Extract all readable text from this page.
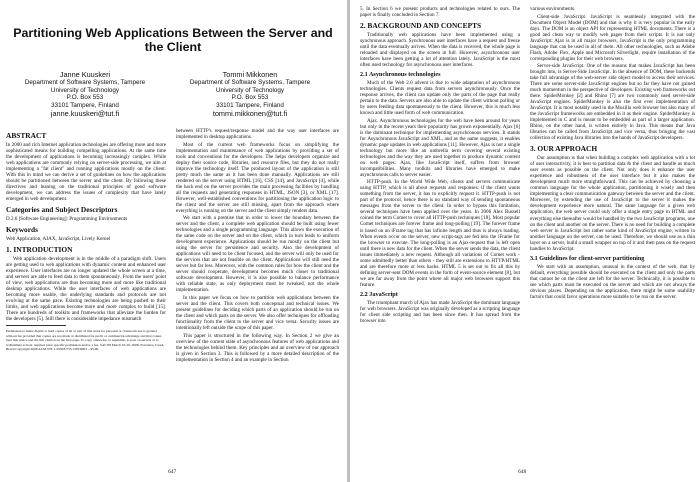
Partitioning Web Applications Between the Server and the Client
Janne Kuuskeri
Department of Software Systems, Tampere
University of Technology
P.O. Box 553
33101 Tampere, Finland
janne.kuuskeri@tut.fi
Tommi Mikkonen
Department of Software Systems, Tampere
University of Technology
P.O. Box 553
33101 Tampere, Finland
tommi.mikkonen@tut.fi
ABSTRACT

In 2000 and rich Internet application technologies are offering more and more sophisticated means for building compelling applications. At the same time the development of applications is becoming increasingly complex. While web applications are commonly relying on server-side processing, we aim at implementing a "fat client" and running applications mostly on the client. With this in mind we can derive a set of guidelines on how the applications should be partitioned between the server and the client. By following these directives and leaning on the traditional principles of good software development, we can address the issues of complexity that have lately emerged in web development.

Categories and Subject Descriptors

D.2.6 [Software Engineering]: Programming Environments

Keywords

Web Application, AJAX, JavaScript, Lively Kernel

1. INTRODUCTION

Web application development is in the middle of a paradigm shift. Users are getting used to web applications with dynamic content and enhanced user experience. User interfaces are no longer updated the whole screen at a time, and servers are able to feed data to them spontaneously. From the users' point of view, web applications are thus becoming more and more like traditional desktop applications. While the user interfaces of web applications are becoming more usable, the underlying standards and protocols are not evolving at the same pace. Existing technologies are being pushed to their limits, and web applications become more and more complex to build [15]. There are hundreds of toolkits and frameworks that alleviate the burden for the developers [5]. Still there is considerable impedance mismatch

Permission to make digital or hard copies of all or part of this work for personal or classroom use is granted without fee provided that copies are not made or distributed for profit or commercial advantage and that copies bear this notice and the full citation on the first page. To copy otherwise, to republish, to post on servers or to redistribute to lists, requires prior specific permission and/or a fee. SAC'08 March 16-20, 2008, Fortaleza, Ceará, Brazil Copyright 2008 ACM 978-1-59593-753-7/08/0003 ...$5.00.

between HTTP's request/response model and the way user interfaces are implemented in desktop applications.

Most of the current web frameworks focus on simplifying the implementation and maintenance of web applications by providing a set of tools and conventions for the developers. The helps developers organize and deploy their source code, libraries, and resource files, but they do not really improve the technology itself. The produced layout of the application is still pretty much the same as it has been done manually. Applications are still rendered on the server using HTML [16], CSS [14], and JavaScript [4], while the back end on the server provides the main processing facilities by handling all the requests and generating responses in HTML, JSON [3], or XML [17]. However, well-established conventions for partitioning the application logic to the client and the server are still missing, apart from the approach where everything is running on the server and the client simply renders data.

We start with a premise that in order to lower the boundary between the server and the client, a complete web application should be built using fewer technologies and a single programming language. This allows the execution of the same code on the server and on the client, which in turn leads to uniform development experience. Applications should be run mostly on the client but using the server for persistence and security. Also the development of applications will need to be client focused, and the server will only be used for the services that are not feasible on the client. Applications will still need the server but far less. Moreover, with the common rules for how the client and the server should cooperate, development becomes much closer to traditional software development. However, it is also possible to balance performance with reliable state, as only deployment must be tweaked, not the whole implementation.

In this paper we focus on how to partition web applications between the server and the client. This covers both conceptual and technical issues. We present guidelines for deciding which parts of an application should be run on the client and which parts on the server. We also offer techniques for offloading functionality from the client to the server and vice versa. Security issues are intentionally left outside the scope of this paper.

This paper is structured in the following way. In Section 2 we give an overview of the current state of asynchronous features of web applications and the technologies behind them. Key principles and an overview of our approach is given in Section 3. This is followed by a more detailed description of the implementation in Section 4 and an example in Section

647

5. In Section 6 we present products and technologies related to ours. The paper is finally concluded in Section 7.

2. BACKGROUND AND CONCEPTS

Traditionally web applications have been implemented using a synchronous approach. Synchronous user interfaces have a request and freeze until the data eventually arrives. When the data is received, the whole page is reloaded and displayed on the screen in full. However, asynchronous user interfaces have been getting a lot of attention lately. JavaScript is the most often used technology for asynchronous user interfaces.

2.1 Asynchronous technologies

Much of the Web 2.0 advent is due to wide adaptation of asynchronous technologies. Clients request data from servers asynchronously. Once the response arrives, the client can update only the parts of the page that really pertain to the data. Servers are also able to update the client without polling or by users feeding data spontaneously to the client. However, this is much less known and little used form of web communication.

Ajax. Asynchronous technologies for the web have been around for years but only in the recent years their popularity has grown exponentially. Ajax [6] is the dominant technique for implementing asynchronous services. It stands for Asynchronous JavaScript and XML, and as the name suggests, it enables dynamic page updates in web applications [11]. However, Ajax is not a single technology but more like an umbrella term covering several existing technologies and the way they are used together to produce dynamic content on web pages. Ajax, like JavaScript itself, suffers from browser incompatibilities. Many toolkits and libraries have emerged to make asynchronous calls to server easier.

HTTP-push. In the World Wide Web, clients and servers communicate using HTTP, which is all about requests and responses: if the client wants something from the server, it has to explicitly request it. HTTP-push is not part of the protocol, hence there is no standard way of sending spontaneous messages from the server to the client. In order to bypass this limitation, several techniques have been applied over the years. In 2006 Alex Russell coined the term Comet to cover all HTTP-push techniques [18]. Most popular Comet techniques are forever frame and long-polling [19]. The forever frame is based on an iFrame tag that has infinite length and thus is always loading. When events occur on the server, new script-tags are fed into the iFrame for the browser to execute. The long-polling is an Ajax-request that is left open until there is new data for the client. When the server sends the data, the client issues immediately a new request. Although all variations of Comet work - some admittedly better than others - they still are extensions to HTTP/HTML and are therefore more or less hacks. HTML 5 is set out to fix all this by defining server-sent DOM events in the form of event-source element [8], but we are far away from the point where all major web browsers support this feature.

2.2 JavaScript

The triumphant march of Ajax has made JavaScript the dominant language for web browsers. JavaScript was originally developed as a scripting language for client side scripting and has been since then. It has spread from the browser into

various environments.

Client-side JavaScript. JavaScript is seamlessly integrated with the Document Object Model (DOM) and that is why it is very popular in the early days. The DOM is an object API for representing HTML documents. There is a good and clean way to modify web pages from their scripts. It is not only JavaScript: Ajax is in all major browsers, JavaScript is the only programming language that can be used in all of them. All other technologies, such as Adobe Flash, Adobe Flex, Apple and Microsoft Silverlight, require installation of the corresponding plugins for their web browsers.

Server-side JavaScript. One of the reasons that makes JavaScript has been brought into, is Server-Side JavaScript. In the absence of DOM, these backends take full advantage of the web-server side object model to access their services. There are some server-side JavaScript engines but so far they have not gained much momentum in the perspective of developers. Existing web frameworks out there. SpiderMonkey [2] and Rhino [7] are two commonly used server-side JavaScript engines. SpiderMonkey is also the first ever implementation of JavaScript. It is most notably used in the Mozilla web browser but also many of the JavaScript frameworks are embedded in it as their engine. SpiderMonkey is implemented in C and is meant to be embedded as part of a larger application. Rhino, on the other hand, is written entirely in Java. This means that Java libraries can be called from JavaScript and vice versa, thus bringing the vast collection of existing Java libraries into the hands of JavaScript developers.

3. OUR APPROACH

Our assumption is that when building a complex web application with a lot of user interactivity, it is best to partition data & the client and handle as much user events as possible on the client. Not only does it enhance the user experience and robustness of the user interface but it also makes the development much more straightforward. This can be achieved by choosing a common language for the whole application, partitioning it wisely and then implementing a clear communication gateway between the server and the client. Moreover, by extending the use of JavaScript to the server it makes the development experience more natural. The same language for a given web application, the web server could only offer a single entry page in HTML and everything else thereafter would be handled by the two JavaScript programs, one on the client and another on the server. There is no need for building a complete web server in JavaScript but rather some kind of JavaScript engine, written in another language on the server, can be used. Therefore, we should use as a thin layer on a server, build a small wrapper on top of it and then pass on the request handles to JavaScript.

3.1 Guidelines for client-server partitioning

We start with an assumption, unusual in the context of the web, that by default, everything possible should be executed on the client and only the parts that cannot be on the client are left for the server. Technically, it is possible to see which parts must be executed on the server and which are not always the obvious places. Depending on the application, there might be some usability factors that could favor operations more suitable to be run on the server.

648
